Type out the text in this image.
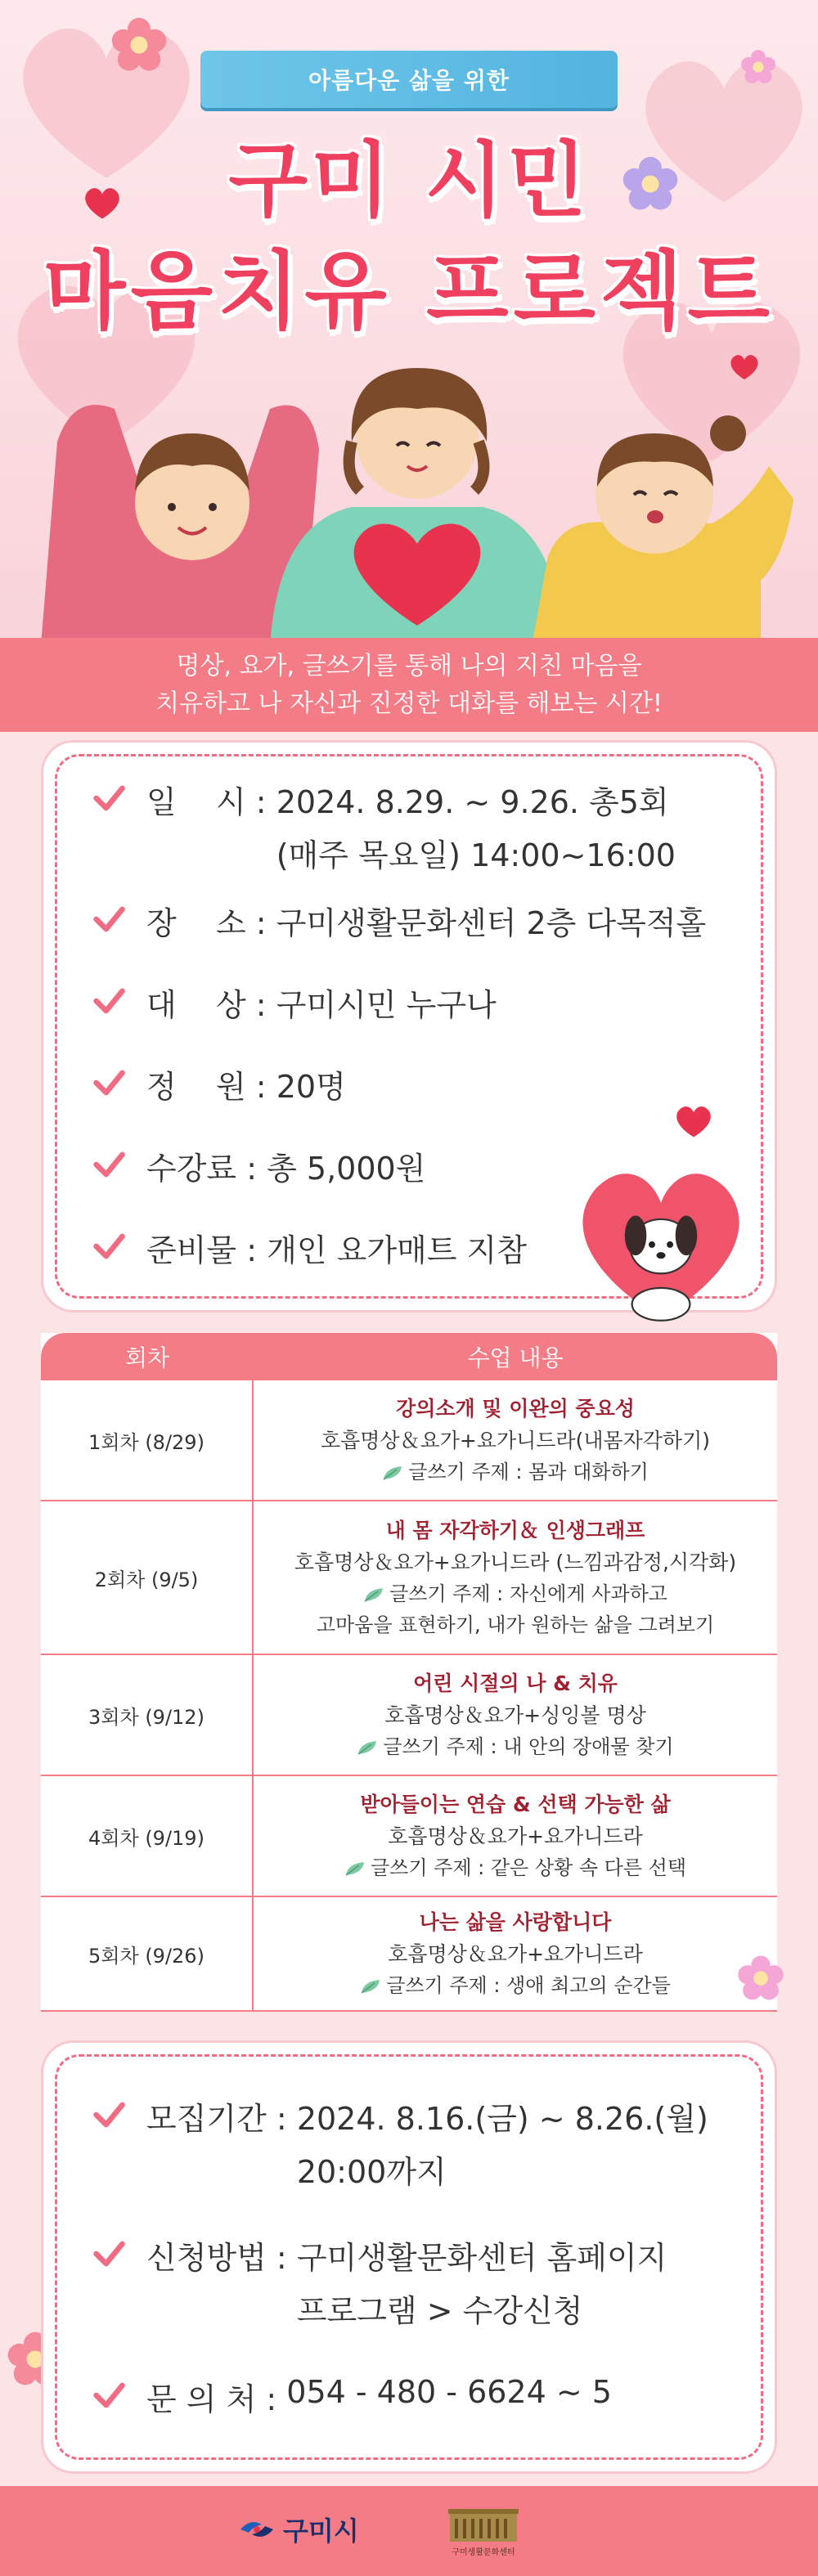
아름다운 삶을 위한
구미 시민
마음치유 프로젝트
명상, 요가, 글쓰기를 통해 나의 지친 마음을
치유하고 나 자신과 진정한 대화를 해보는 시간!
일    시 :
2024. 8.29. ~ 9.26. 총5회
(매주 목요일) 14:00~16:00
장    소 :
구미생활문화센터 2층 다목적홀
대    상 :
구미시민 누구나
정    원 :
20명
수강료 :
총 5,000원
준비물 :
개인 요가매트 지참
회차	수업 내용
1회차 (8/29)	강의소개 및 이완의 중요성
호흡명상＆요가+요가니드라(내몸자각하기)
글쓰기 주제 : 몸과 대화하기

2회차 (9/5)	내 몸 자각하기＆ 인생그래프
호흡명상＆요가+요가니드라 (느낌과감정,시각화)
글쓰기 주제 : 자신에게 사과하고
고마움을 표현하기, 내가 원하는 삶을 그려보기

3회차 (9/12)	어린 시절의 나 & 치유
호흡명상＆요가+싱잉볼 명상
글쓰기 주제 : 내 안의 장애물 찾기

4회차 (9/19)	받아들이는 연습 & 선택 가능한 삶
호흡명상＆요가+요가니드라
글쓰기 주제 : 같은 상황 속 다른 선택

5회차 (9/26)	나는 삶을 사랑합니다
호흡명상＆요가+요가니드라
글쓰기 주제 : 생애 최고의 순간들
모집기간 :
2024. 8.16.(금) ~ 8.26.(월)
20:00까지
신청방법 :
구미생활문화센터 홈페이지
프로그램 > 수강신청
문 의 처 :
054 - 480 - 6624 ~ 5
구미시
구미생활문화센터
